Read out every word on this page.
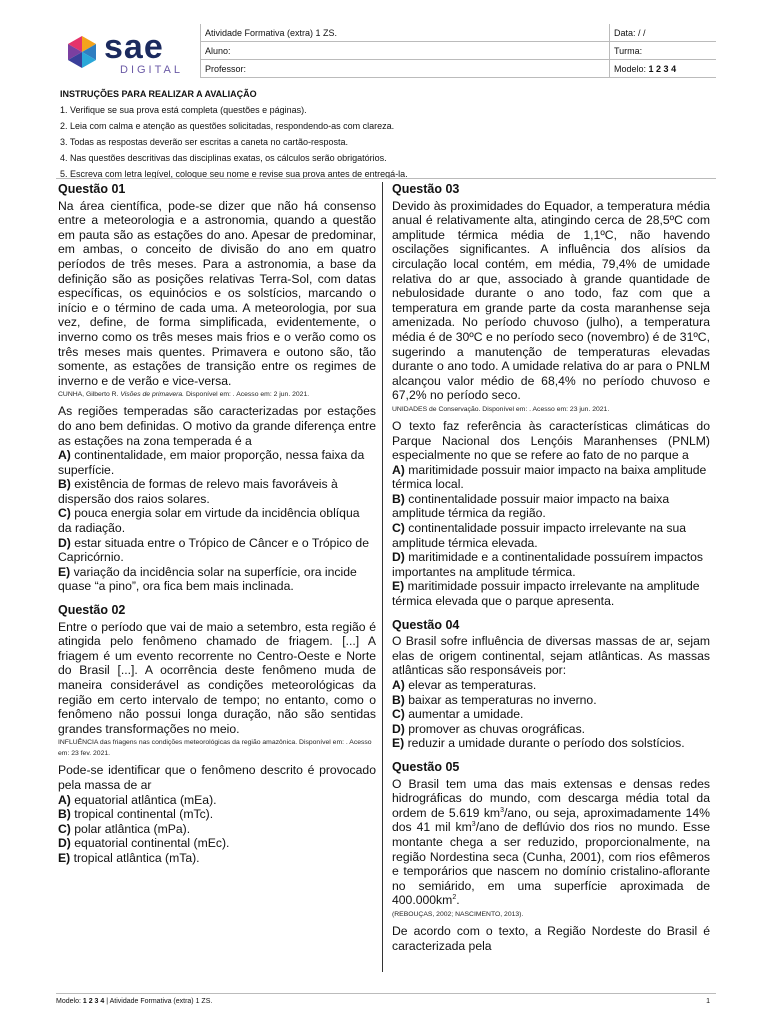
sae
DIGITAL
Atividade Formativa (extra) 1 ZS.	Data: / /
Aluno:	Turma:
Professor:	Modelo: 1 2 3 4
INSTRUÇÕES PARA REALIZAR A AVALIAÇÃO
1. Verifique se sua prova está completa (questões e páginas).
2. Leia com calma e atenção as questões solicitadas, respondendo-as com clareza.
3. Todas as respostas deverão ser escritas a caneta no cartão-resposta.
4. Nas questões descritivas das disciplinas exatas, os cálculos serão obrigatórios.
5. Escreva com letra legível, coloque seu nome e revise sua prova antes de entregá-la.
Questão 01

Na área científica, pode-se dizer que não há consenso entre a meteorologia e a astronomia, quando a questão em pauta são as estações do ano. Apesar de predominar, em ambas, o conceito de divisão do ano em quatro períodos de três meses. Para a astronomia, a base da definição são as posições relativas Terra-Sol, com datas específicas, os equinócios e os solstícios, marcando o início e o término de cada uma. A meteorologia, por sua vez, define, de forma simplificada, evidentemente, o inverno como os três meses mais frios e o verão como os três meses mais quentes. Primavera e outono são, tão somente, as estações de transição entre os regimes de inverno e de verão e vice-versa.

CUNHA, Gilberto R. Visões de primavera. Disponível em: . Acesso em: 2 jun. 2021.

As regiões temperadas são caracterizadas por estações do ano bem definidas. O motivo da grande diferença entre as estações na zona temperada é a

A) continentalidade, em maior proporção, nessa faixa da superfície.
B) existência de formas de relevo mais favoráveis à dispersão dos raios solares.
C) pouca energia solar em virtude da incidência oblíqua da radiação.
D) estar situada entre o Trópico de Câncer e o Trópico de Capricórnio.
E) variação da incidência solar na superfície, ora incide quase “a pino”, ora fica bem mais inclinada.
Questão 02

Entre o período que vai de maio a setembro, esta região é atingida pelo fenômeno chamado de friagem. [...] A friagem é um evento recorrente no Centro-Oeste e Norte do Brasil [...]. A ocorrência deste fenômeno muda de maneira considerável as condições meteorológicas da região em certo intervalo de tempo; no entanto, como o fenômeno não possui longa duração, não são sentidas grandes transformações no meio.

INFLUÊNCIA das friagens nas condições meteorológicas da região amazônica. Disponível em: . Acesso em: 23 fev. 2021.

Pode-se identificar que o fenômeno descrito é provocado pela massa de ar

A) equatorial atlântica (mEa).
B) tropical continental (mTc).
C) polar atlântica (mPa).
D) equatorial continental (mEc).
E) tropical atlântica (mTa).
Questão 03

Devido às proximidades do Equador, a temperatura média anual é relativamente alta, atingindo cerca de 28,5ºC com amplitude térmica média de 1,1ºC, não havendo oscilações significantes. A influência dos alísios da circulação local contém, em média, 79,4% de umidade relativa do ar que, associado à grande quantidade de nebulosidade durante o ano todo, faz com que a temperatura em grande parte da costa maranhense seja amenizada. No período chuvoso (julho), a temperatura média é de 30ºC e no período seco (novembro) é de 31ºC, sugerindo a manutenção de temperaturas elevadas durante o ano todo. A umidade relativa do ar para o PNLM alcançou valor médio de 68,4% no período chuvoso e 67,2% no período seco.

UNIDADES de Conservação. Disponível em: . Acesso em: 23 jun. 2021.

O texto faz referência às características climáticas do Parque Nacional dos Lençóis Maranhenses (PNLM) especialmente no que se refere ao fato de no parque a

A) maritimidade possuir maior impacto na baixa amplitude térmica local.
B) continentalidade possuir maior impacto na baixa amplitude térmica da região.
C) continentalidade possuir impacto irrelevante na sua amplitude térmica elevada.
D) maritimidade e a continentalidade possuírem impactos importantes na amplitude térmica.
E) maritimidade possuir impacto irrelevante na amplitude térmica elevada que o parque apresenta.
Questão 04

O Brasil sofre influência de diversas massas de ar, sejam elas de origem continental, sejam atlânticas. As massas atlânticas são responsáveis por:

A) elevar as temperaturas.
B) baixar as temperaturas no inverno.
C) aumentar a umidade.
D) promover as chuvas orográficas.
E) reduzir a umidade durante o período dos solstícios.
Questão 05

O Brasil tem uma das mais extensas e densas redes hidrográficas do mundo, com descarga média total da ordem de 5.619 $km^3$/ano, ou seja, aproximadamente 14% dos 41 mil $km^3$/ano de deflúvio dos rios no mundo. Esse montante chega a ser reduzido, proporcionalmente, na região Nordestina seca (Cunha, 2001), com rios efêmeros e temporários que nascem no domínio cristalino-aflorante no semiárido, em uma superfície aproximada de $400.000km^2$.

(REBOUÇAS, 2002; NASCIMENTO, 2013).

De acordo com o texto, a Região Nordeste do Brasil é caracterizada pela

Modelo: 1 2 3 4 | Atividade Formativa (extra) 1 ZS.	1
